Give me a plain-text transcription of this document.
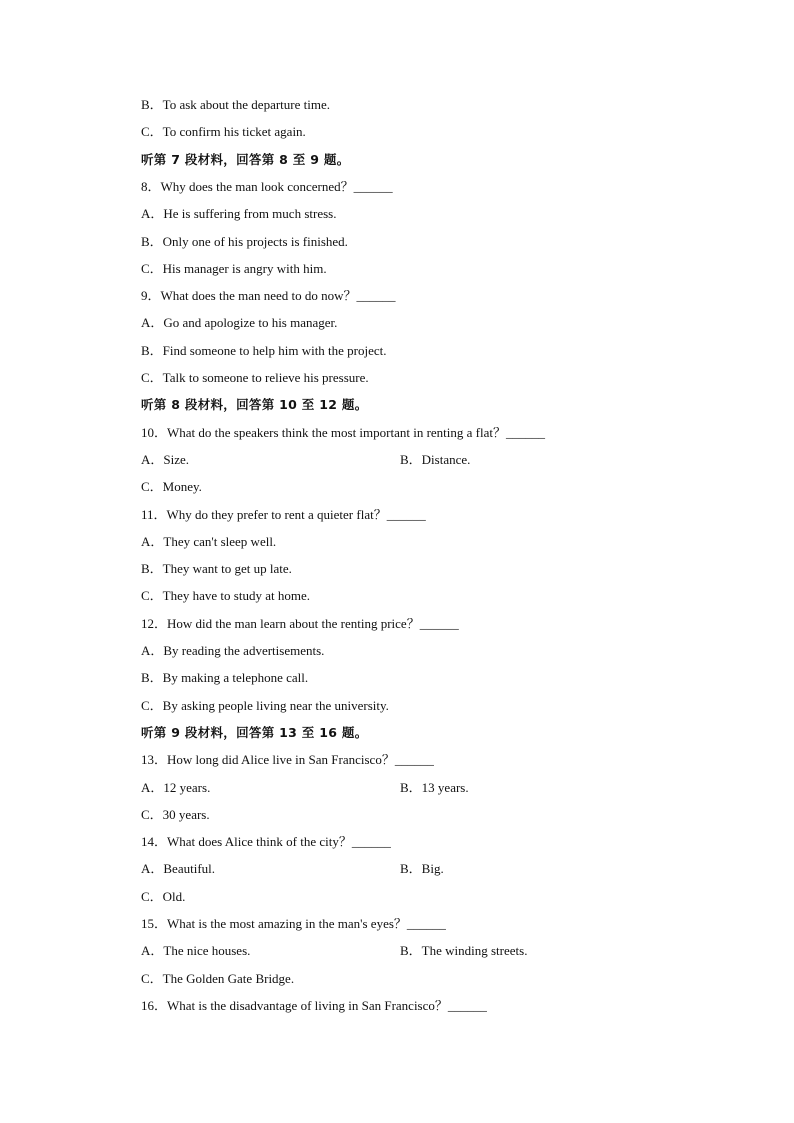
B．To ask about the departure time.
C．To confirm his ticket again.
听第 7 段材料，回答第 8 至 9 题。
8．Why does the man look concerned？______
A．He is suffering from much stress.
B．Only one of his projects is finished.
C．His manager is angry with him.
9．What does the man need to do now？______
A．Go and apologize to his manager.
B．Find someone to help him with the project.
C．Talk to someone to relieve his pressure.
听第 8 段材料，回答第 10 至 12 题。
10．What do the speakers think the most important in renting a flat？______
A．Size.	B．Distance.
C．Money.
11．Why do they prefer to rent a quieter flat？______
A．They can't sleep well.
B．They want to get up late.
C．They have to study at home.
12．How did the man learn about the renting price？______
A．By reading the advertisements.
B．By making a telephone call.
C．By asking people living near the university.
听第 9 段材料，回答第 13 至 16 题。
13．How long did Alice live in San Francisco？______
A．12 years.	B．13 years.
C．30 years.
14．What does Alice think of the city？______
A．Beautiful.	B．Big.
C．Old.
15．What is the most amazing in the man's eyes？______
A．The nice houses.	B．The winding streets.
C．The Golden Gate Bridge.
16．What is the disadvantage of living in San Francisco？______
